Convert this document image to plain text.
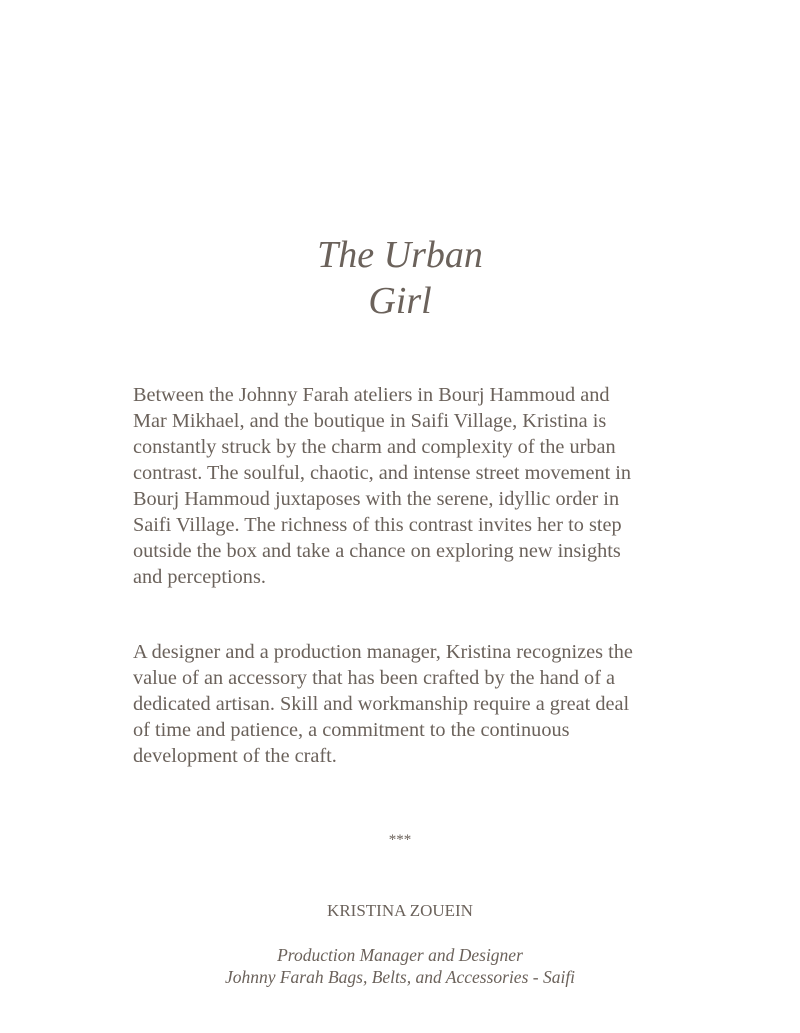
The Urban
Girl

Between the Johnny Farah ateliers in Bourj Hammoud and
Mar Mikhael, and the boutique in Saifi Village, Kristina is
constantly struck by the charm and complexity of the urban
contrast. The soulful, chaotic, and intense street movement in
Bourj Hammoud juxtaposes with the serene, idyllic order in
Saifi Village. The richness of this contrast invites her to step
outside the box and take a chance on exploring new insights
and perceptions.

A designer and a production manager, Kristina recognizes the
value of an accessory that has been crafted by the hand of a
dedicated artisan. Skill and workmanship require a great deal
of time and patience, a commitment to the continuous
development of the craft.

***
KRISTINA ZOUEIN
Production Manager and Designer
Johnny Farah Bags, Belts, and Accessories - Saifi
